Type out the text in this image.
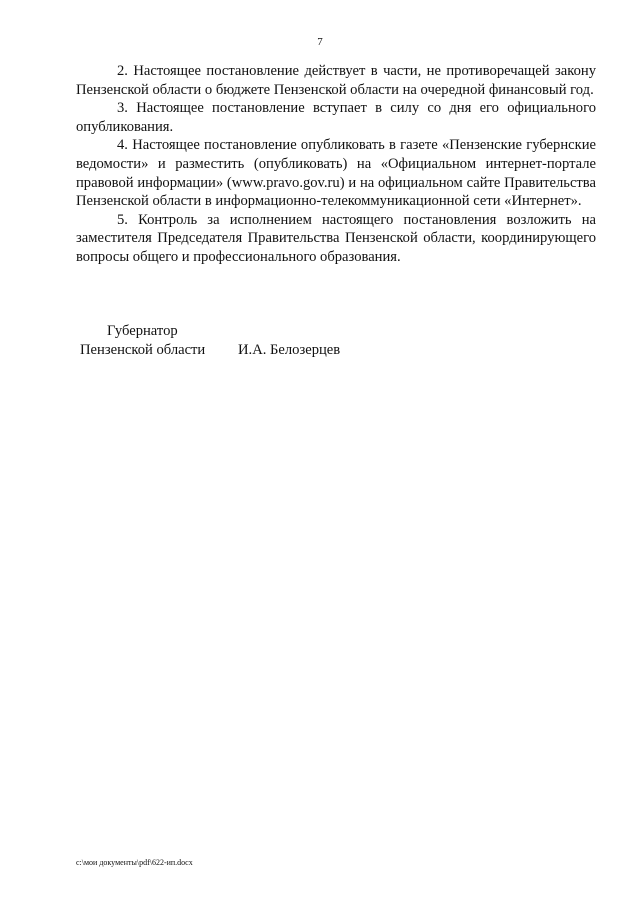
7

2. Настоящее постановление действует в части, не противоречащей закону Пензенской области о бюджете Пензенской области на очередной финансовый год.

3. Настоящее постановление вступает в силу со дня его официального опубликования.

4. Настоящее постановление опубликовать в газете «Пензенские губернские ведомости» и разместить (опубликовать) на «Официальном интернет-портале правовой информации» (www.pravo.gov.ru) и на официальном сайте Правительства Пензенской области в информационно-телекоммуникационной сети «Интернет».

5. Контроль за исполнением настоящего постановления возложить на заместителя Председателя Правительства Пензенской области, координирующего вопросы общего и профессионального образования.

Губернатор
Пензенской области И.А. Белозерцев
c:\мои документы\pdf\622-ип.docx
